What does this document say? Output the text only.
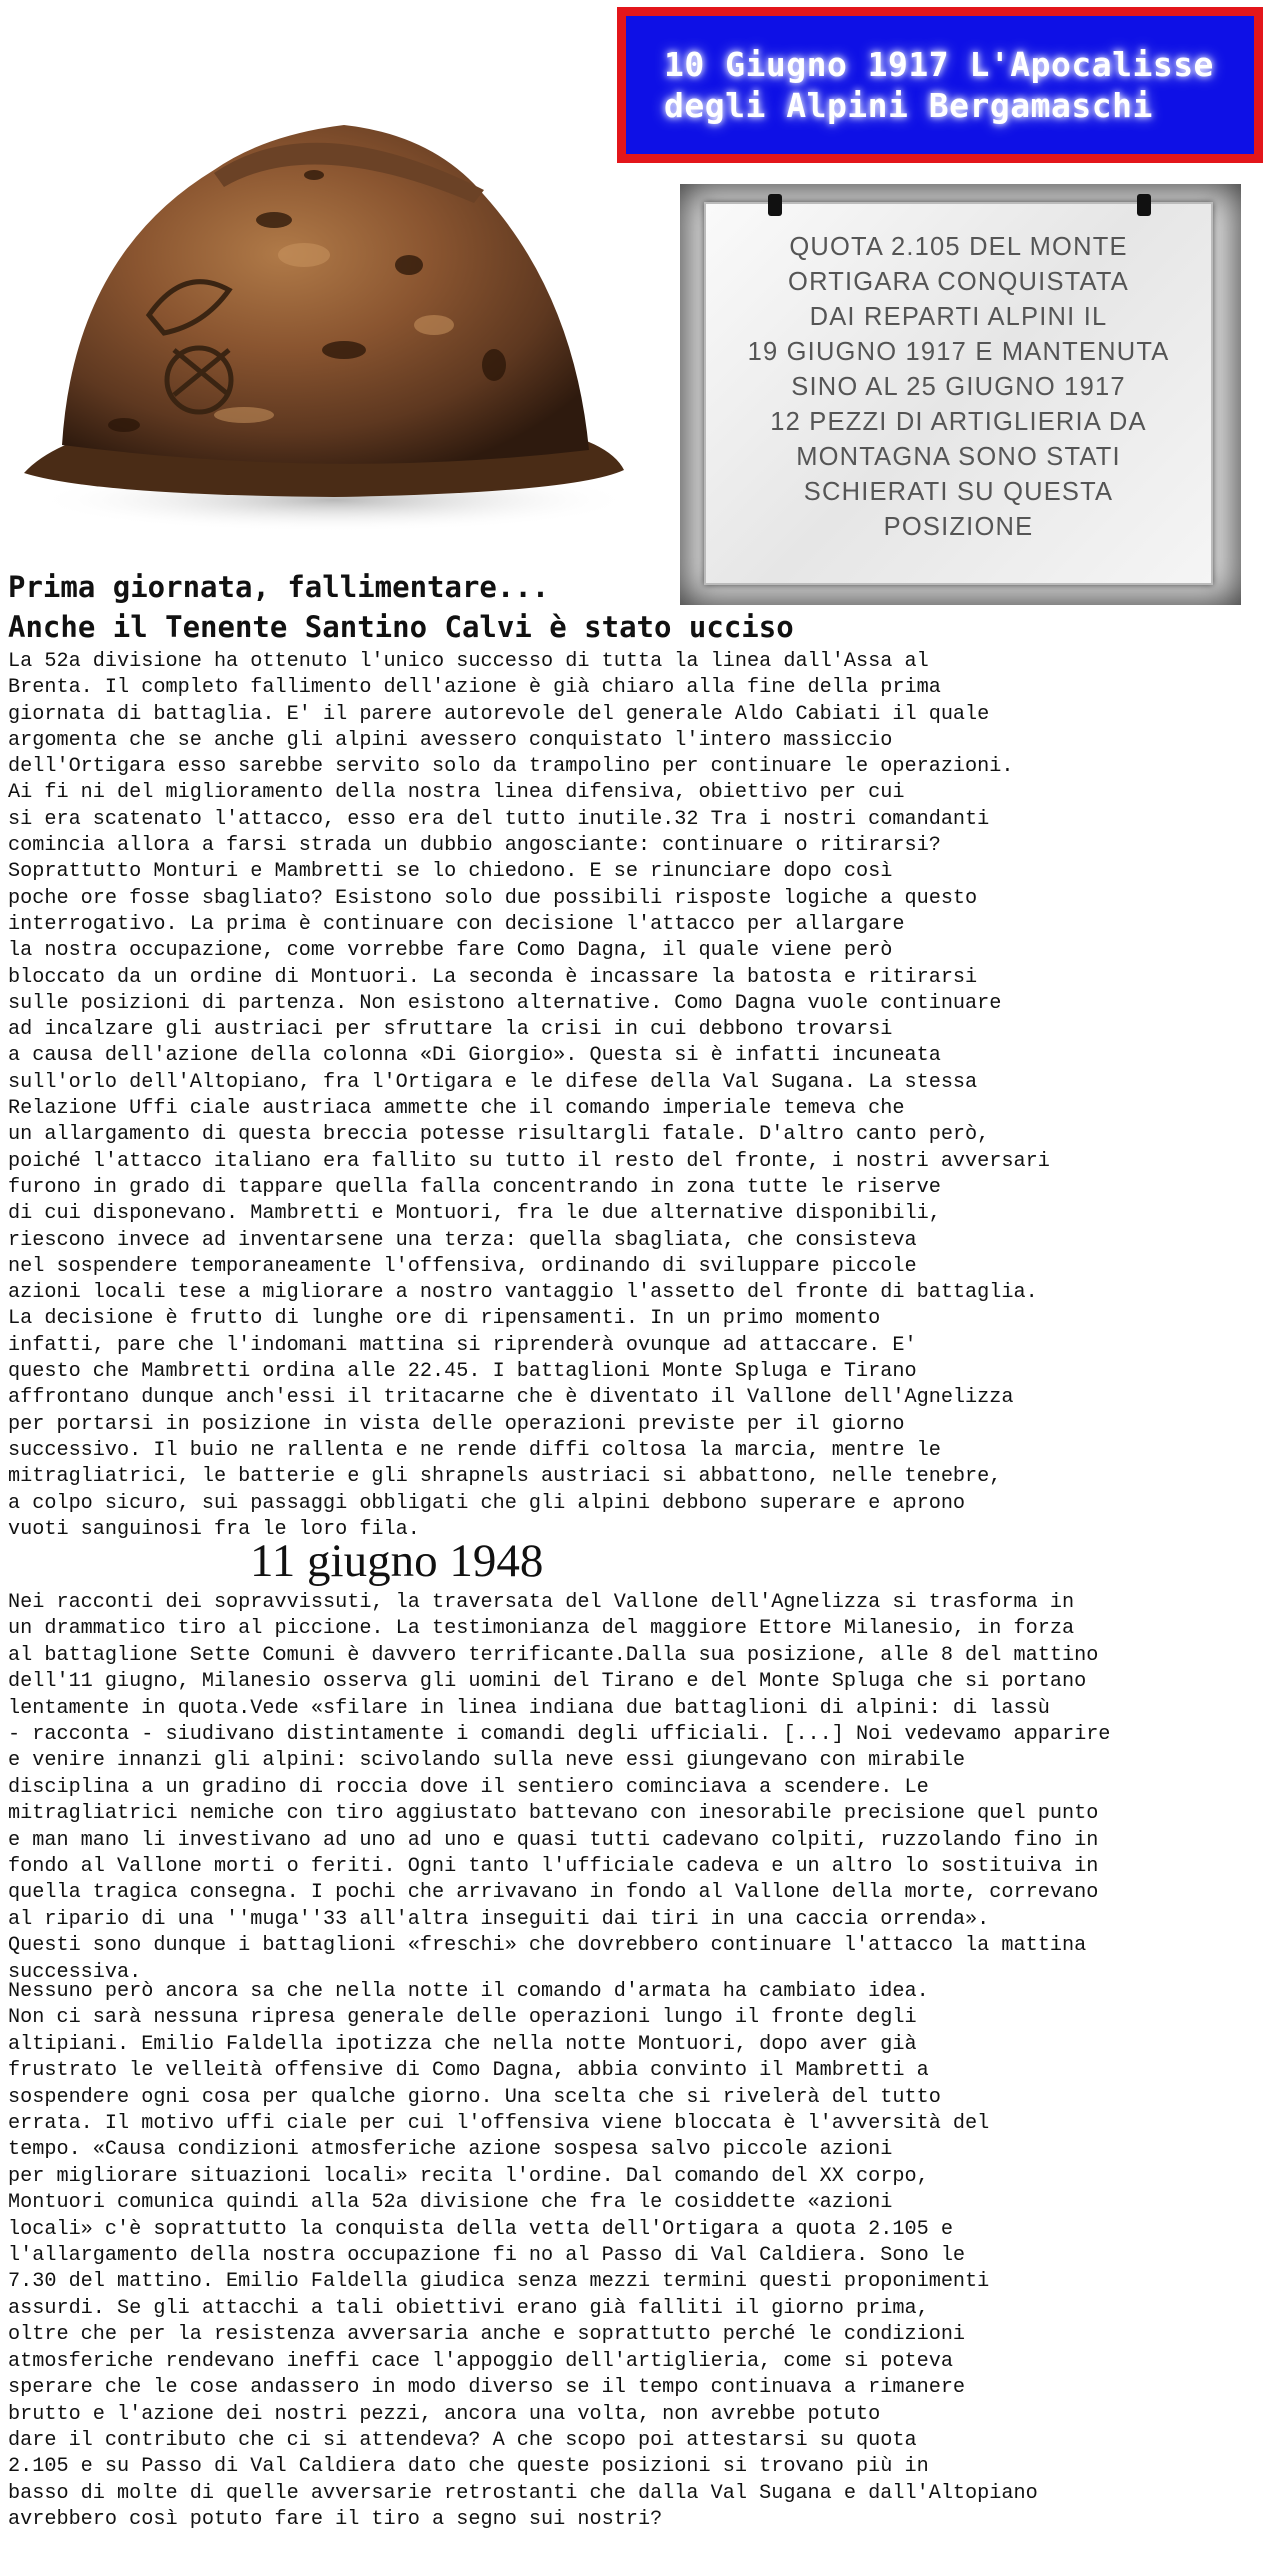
10 Giugno 1917 L'Apocalisse
degli Alpini Bergamaschi
QUOTA 2.105 DEL MONTE
ORTIGARA CONQUISTATA
DAI REPARTI ALPINI IL
19 GIUGNO 1917 E MANTENUTA
SINO AL 25 GIUGNO 1917
12 PEZZI DI ARTIGLIERIA DA
MONTAGNA SONO STATI
SCHIERATI SU QUESTA
POSIZIONE
Prima giornata, fallimentare...
Anche il Tenente Santino Calvi è stato ucciso
La 52a divisione ha ottenuto l'unico successo di tutta la linea dall'Assa al
Brenta. Il completo fallimento dell'azione è già chiaro alla fine della prima
giornata di battaglia. E' il parere autorevole del generale Aldo Cabiati il quale
argomenta che se anche gli alpini avessero conquistato l'intero massiccio
dell'Ortigara esso sarebbe servito solo da trampolino per continuare le operazioni.
Ai fi ni del miglioramento della nostra linea difensiva, obiettivo per cui
si era scatenato l'attacco, esso era del tutto inutile.32 Tra i nostri comandanti
comincia allora a farsi strada un dubbio angosciante: continuare o ritirarsi?
Soprattutto Monturi e Mambretti se lo chiedono. E se rinunciare dopo così
poche ore fosse sbagliato? Esistono solo due possibili risposte logiche a questo
interrogativo. La prima è continuare con decisione l'attacco per allargare
la nostra occupazione, come vorrebbe fare Como Dagna, il quale viene però
bloccato da un ordine di Montuori. La seconda è incassare la batosta e ritirarsi
sulle posizioni di partenza. Non esistono alternative. Como Dagna vuole continuare
ad incalzare gli austriaci per sfruttare la crisi in cui debbono trovarsi
a causa dell'azione della colonna «Di Giorgio». Questa si è infatti incuneata
sull'orlo dell'Altopiano, fra l'Ortigara e le difese della Val Sugana. La stessa
Relazione Uffi ciale austriaca ammette che il comando imperiale temeva che
un allargamento di questa breccia potesse risultargli fatale. D'altro canto però,
poiché l'attacco italiano era fallito su tutto il resto del fronte, i nostri avversari
furono in grado di tappare quella falla concentrando in zona tutte le riserve
di cui disponevano. Mambretti e Montuori, fra le due alternative disponibili,
riescono invece ad inventarsene una terza: quella sbagliata, che consisteva
nel sospendere temporaneamente l'offensiva, ordinando di sviluppare piccole
azioni locali tese a migliorare a nostro vantaggio l'assetto del fronte di battaglia.
La decisione è frutto di lunghe ore di ripensamenti. In un primo momento
infatti, pare che l'indomani mattina si riprenderà ovunque ad attaccare. E'
questo che Mambretti ordina alle 22.45. I battaglioni Monte Spluga e Tirano
affrontano dunque anch'essi il tritacarne che è diventato il Vallone dell'Agnelizza
per portarsi in posizione in vista delle operazioni previste per il giorno
successivo. Il buio ne rallenta e ne rende diffi coltosa la marcia, mentre le
mitragliatrici, le batterie e gli shrapnels austriaci si abbattono, nelle tenebre,
a colpo sicuro, sui passaggi obbligati che gli alpini debbono superare e aprono
vuoti sanguinosi fra le loro fila.
11 giugno 1948
Nei racconti dei sopravvissuti, la traversata del Vallone dell'Agnelizza si trasforma in
un drammatico tiro al piccione. La testimonianza del maggiore Ettore Milanesio, in forza
al battaglione Sette Comuni è davvero terrificante.Dalla sua posizione, alle 8 del mattino
dell'11 giugno, Milanesio osserva gli uomini del Tirano e del Monte Spluga che si portano
lentamente in quota.Vede «sfilare in linea indiana due battaglioni di alpini: di lassù
- racconta - siudivano distintamente i comandi degli ufficiali. [...] Noi vedevamo apparire
e venire innanzi gli alpini: scivolando sulla neve essi giungevano con mirabile
disciplina a un gradino di roccia dove il sentiero cominciava a scendere. Le
mitragliatrici nemiche con tiro aggiustato battevano con inesorabile precisione quel punto
e man mano li investivano ad uno ad uno e quasi tutti cadevano colpiti, ruzzolando fino in
fondo al Vallone morti o feriti. Ogni tanto l'ufficiale cadeva e un altro lo sostituiva in
quella tragica consegna. I pochi che arrivavano in fondo al Vallone della morte, correvano
al ripario di una ''muga''33 all'altra inseguiti dai tiri in una caccia orrenda».
Questi sono dunque i battaglioni «freschi» che dovrebbero continuare l'attacco la mattina
successiva.
Nessuno però ancora sa che nella notte il comando d'armata ha cambiato idea.
Non ci sarà nessuna ripresa generale delle operazioni lungo il fronte degli
altipiani. Emilio Faldella ipotizza che nella notte Montuori, dopo aver già
frustrato le velleità offensive di Como Dagna, abbia convinto il Mambretti a
sospendere ogni cosa per qualche giorno. Una scelta che si rivelerà del tutto
errata. Il motivo uffi ciale per cui l'offensiva viene bloccata è l'avversità del
tempo. «Causa condizioni atmosferiche azione sospesa salvo piccole azioni
per migliorare situazioni locali» recita l'ordine. Dal comando del XX corpo,
Montuori comunica quindi alla 52a divisione che fra le cosiddette «azioni
locali» c'è soprattutto la conquista della vetta dell'Ortigara a quota 2.105 e
l'allargamento della nostra occupazione fi no al Passo di Val Caldiera. Sono le
7.30 del mattino. Emilio Faldella giudica senza mezzi termini questi proponimenti
assurdi. Se gli attacchi a tali obiettivi erano già falliti il giorno prima,
oltre che per la resistenza avversaria anche e soprattutto perché le condizioni
atmosferiche rendevano ineffi cace l'appoggio dell'artiglieria, come si poteva
sperare che le cose andassero in modo diverso se il tempo continuava a rimanere
brutto e l'azione dei nostri pezzi, ancora una volta, non avrebbe potuto
dare il contributo che ci si attendeva? A che scopo poi attestarsi su quota
2.105 e su Passo di Val Caldiera dato che queste posizioni si trovano più in
basso di molte di quelle avversarie retrostanti che dalla Val Sugana e dall'Altopiano
avrebbero così potuto fare il tiro a segno sui nostri?
